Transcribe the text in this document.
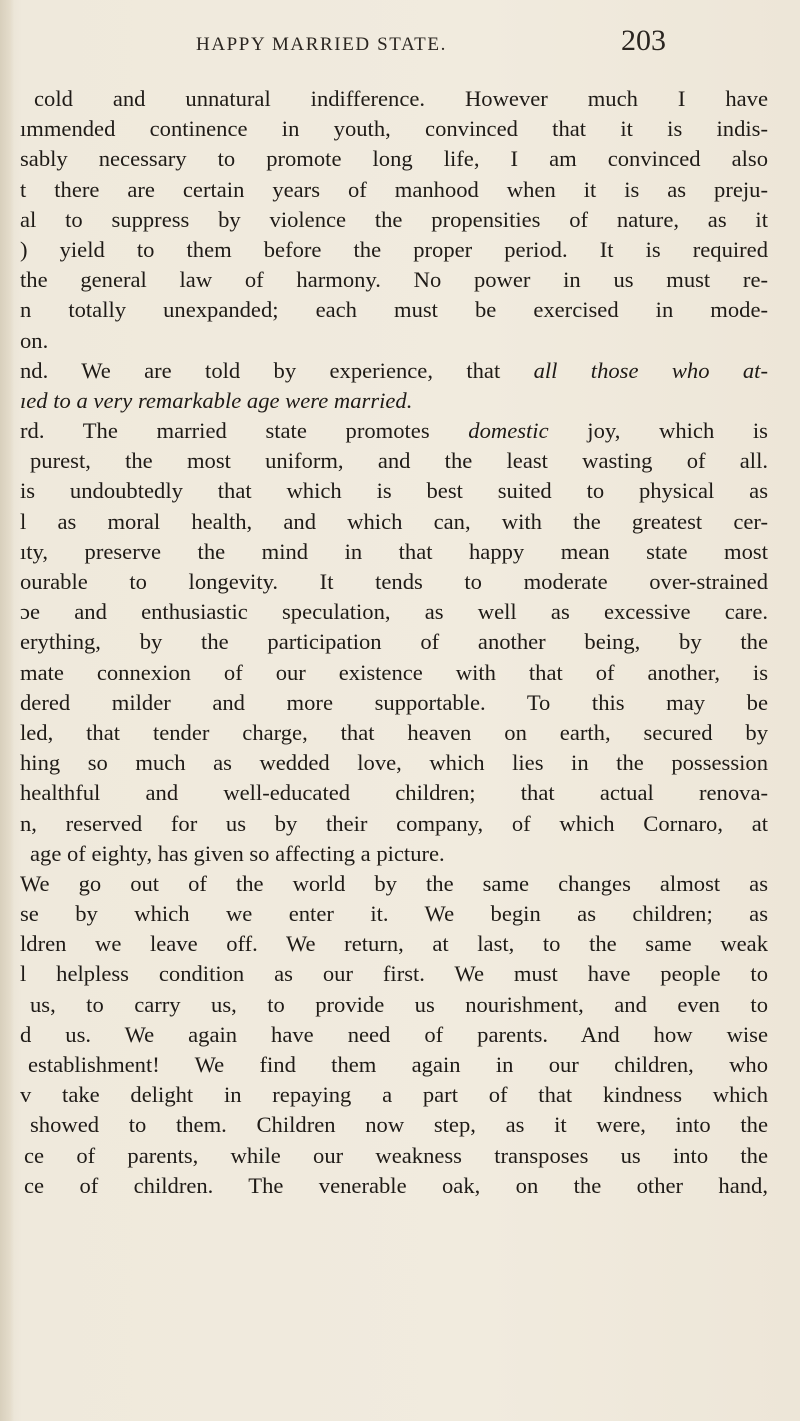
HAPPY MARRIED STATE.	203
cold and unnatural indifference. However much I have
ımmended continence in youth, convinced that it is indis-
sably necessary to promote long life, I am convinced also
t there are certain years of manhood when it is as preju-
al to suppress by violence the propensities of nature, as it
) yield to them before the proper period. It is required
the general law of harmony. No power in us must re-
n totally unexpanded; each must be exercised in mode-
on.
nd. We are told by experience, that all those who at-
ıed to a very remarkable age were married.
rd. The married state promotes domestic joy, which is
purest, the most uniform, and the least wasting of all.
is undoubtedly that which is best suited to physical as
l as moral health, and which can, with the greatest cer-
ıty, preserve the mind in that happy mean state most
ourable to longevity. It tends to moderate over-strained
ɔe and enthusiastic speculation, as well as excessive care.
erything, by the participation of another being, by the
mate connexion of our existence with that of another, is
dered milder and more supportable. To this may be
led, that tender charge, that heaven on earth, secured by
hing so much as wedded love, which lies in the possession
healthful and well-educated children; that actual renova-
n, reserved for us by their company, of which Cornaro, at
age of eighty, has given so affecting a picture.
We go out of the world by the same changes almost as
se by which we enter it. We begin as children; as
ldren we leave off. We return, at last, to the same weak
l helpless condition as our first. We must have people to
us, to carry us, to provide us nourishment, and even to
d us. We again have need of parents. And how wise
establishment! We find them again in our children, who
v take delight in repaying a part of that kindness which
showed to them. Children now step, as it were, into the
ce of parents, while our weakness transposes us into the
ce of children. The venerable oak, on the other hand,
